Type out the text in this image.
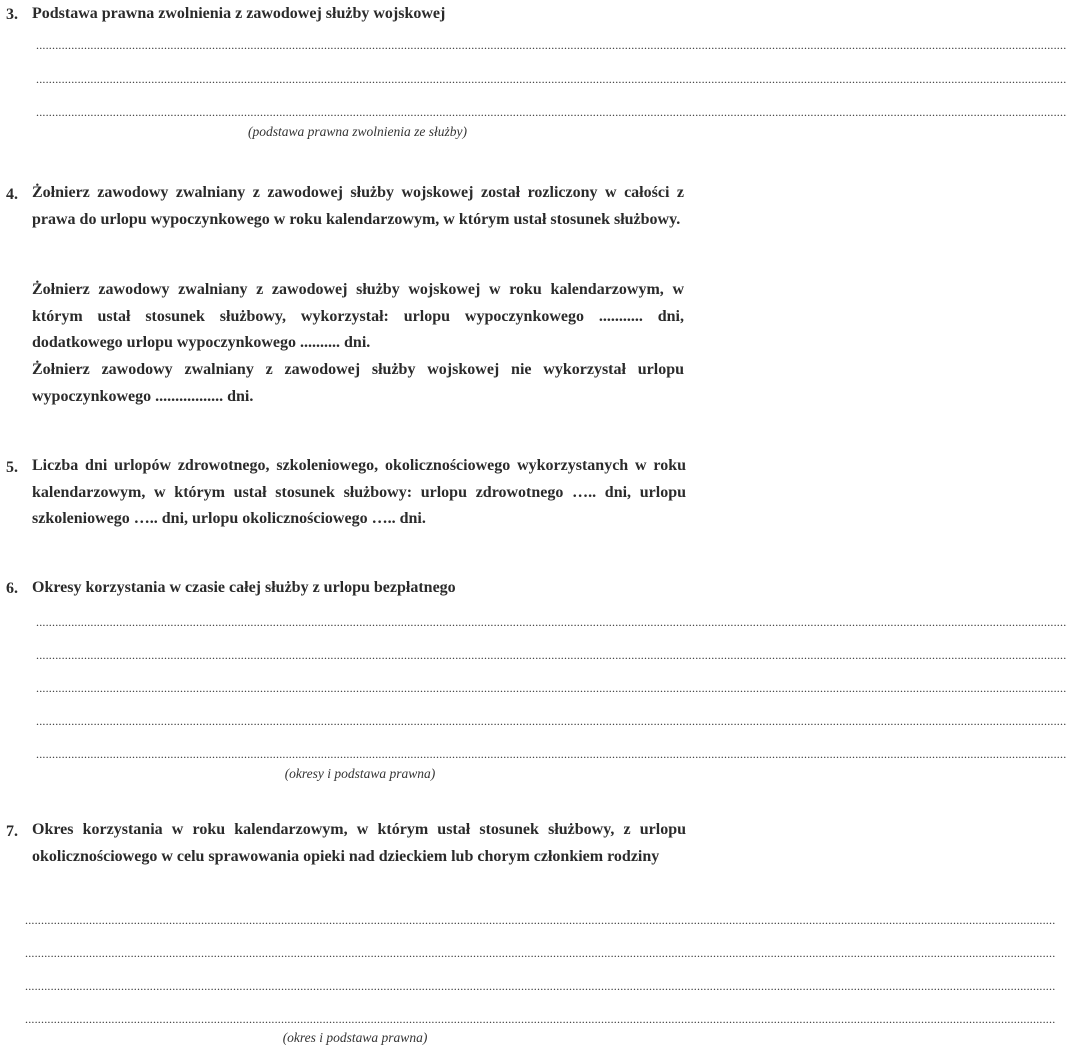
3. Podstawa prawna zwolnienia z zawodowej służby wojskowej
..................................................................................................................................................................................................................................................................................................................................
..................................................................................................................................................................................................................................................................................................................................
..................................................................................................................................................................................................................................................................................................................................
(podstawa prawna zwolnienia ze służby)
4. Żołnierz zawodowy zwalniany z zawodowej służby wojskowej został rozliczony w całości z prawa do urlopu wypoczynkowego w roku kalendarzowym, w którym ustał stosunek służbowy.
Żołnierz zawodowy zwalniany z zawodowej służby wojskowej w roku kalendarzowym, w którym ustał stosunek służbowy, wykorzystał: urlopu wypoczynkowego ........... dni, dodatkowego urlopu wypoczynkowego .......... dni.
Żołnierz zawodowy zwalniany z zawodowej służby wojskowej nie wykorzystał urlopu wypoczynkowego ................. dni.
5. Liczba dni urlopów zdrowotnego, szkoleniowego, okolicznościowego wykorzystanych w roku kalendarzowym, w którym ustał stosunek służbowy: urlopu zdrowotnego ….. dni, urlopu szkoleniowego ….. dni, urlopu okolicznościowego ….. dni.
6. Okresy korzystania w czasie całej służby z urlopu bezpłatnego
..................................................................................................................................................................................................................................................................................................................................
..................................................................................................................................................................................................................................................................................................................................
..................................................................................................................................................................................................................................................................................................................................
..................................................................................................................................................................................................................................................................................................................................
..................................................................................................................................................................................................................................................................................................................................
(okresy i podstawa prawna)
7. Okres korzystania w roku kalendarzowym, w którym ustał stosunek służbowy, z urlopu okolicznościowego w celu sprawowania opieki nad dzieckiem lub chorym członkiem rodziny
..................................................................................................................................................................................................................................................................................................................................
..................................................................................................................................................................................................................................................................................................................................
..................................................................................................................................................................................................................................................................................................................................
..................................................................................................................................................................................................................................................................................................................................
(okres i podstawa prawna)
